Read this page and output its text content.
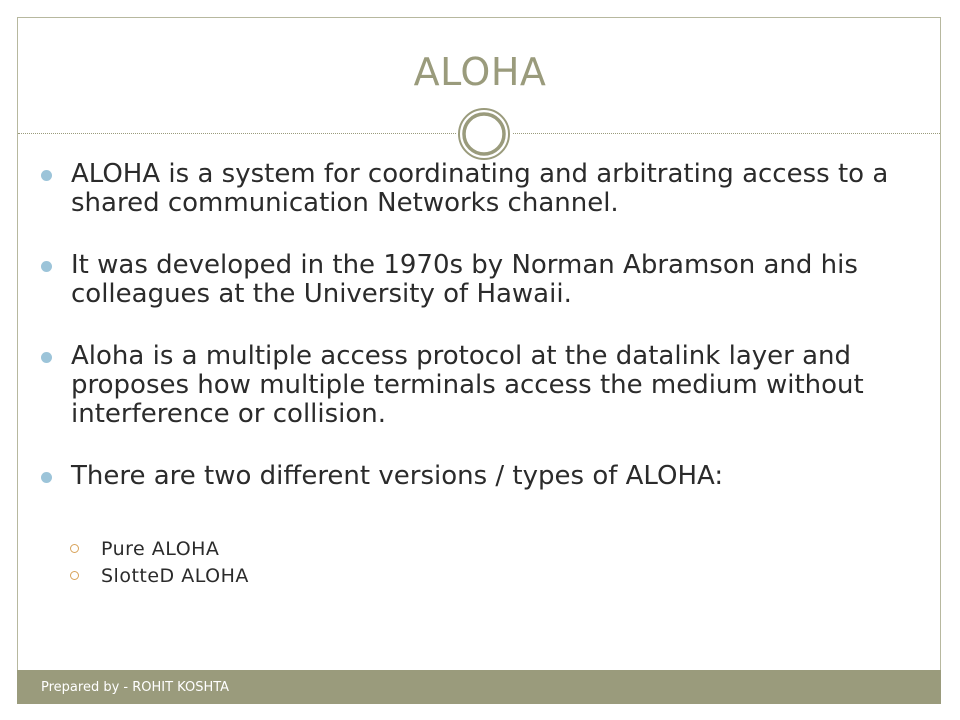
ALOHA
ALOHA is a system for coordinating and arbitrating access to a shared communication Networks channel.
It was developed in the 1970s by Norman Abramson and his colleagues at the University of Hawaii.
Aloha is a multiple access protocol at the datalink layer and proposes how multiple terminals access the medium without interference or collision.
There are two different versions / types of ALOHA:
Pure ALOHA
SlotteD ALOHA
Prepared by - ROHIT KOSHTA
